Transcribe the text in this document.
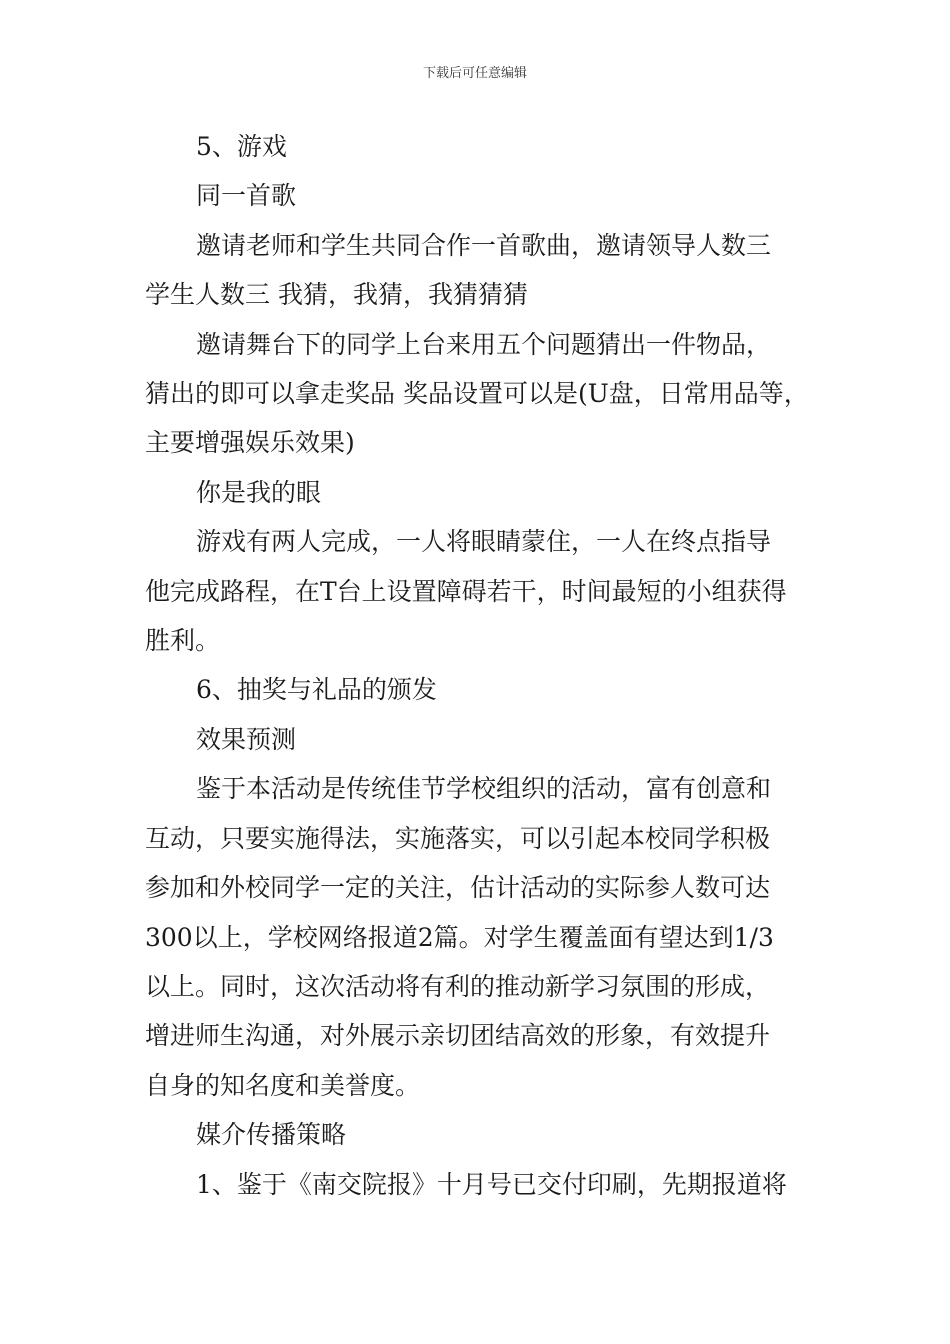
下载后可任意编辑

5、游戏

同一首歌

邀请老师和学生共同合作一首歌曲，邀请领导人数三

学生人数三 我猜，我猜，我猜猜猜

邀请舞台下的同学上台来用五个问题猜出一件物品，

猜出的即可以拿走奖品 奖品设置可以是(U盘，日常用品等，

主要增强娱乐效果)

你是我的眼

游戏有两人完成，一人将眼睛蒙住，一人在终点指导

他完成路程，在T台上设置障碍若干，时间最短的小组获得

胜利。

6、抽奖与礼品的颁发

效果预测

鉴于本活动是传统佳节学校组织的活动，富有创意和

互动，只要实施得法，实施落实，可以引起本校同学积极

参加和外校同学一定的关注，估计活动的实际参人数可达

300以上，学校网络报道2篇。对学生覆盖面有望达到1/3

以上。同时，这次活动将有利的推动新学习氛围的形成，

增进师生沟通，对外展示亲切团结高效的形象，有效提升

自身的知名度和美誉度。

媒介传播策略

1、鉴于《南交院报》十月号已交付印刷，先期报道将
